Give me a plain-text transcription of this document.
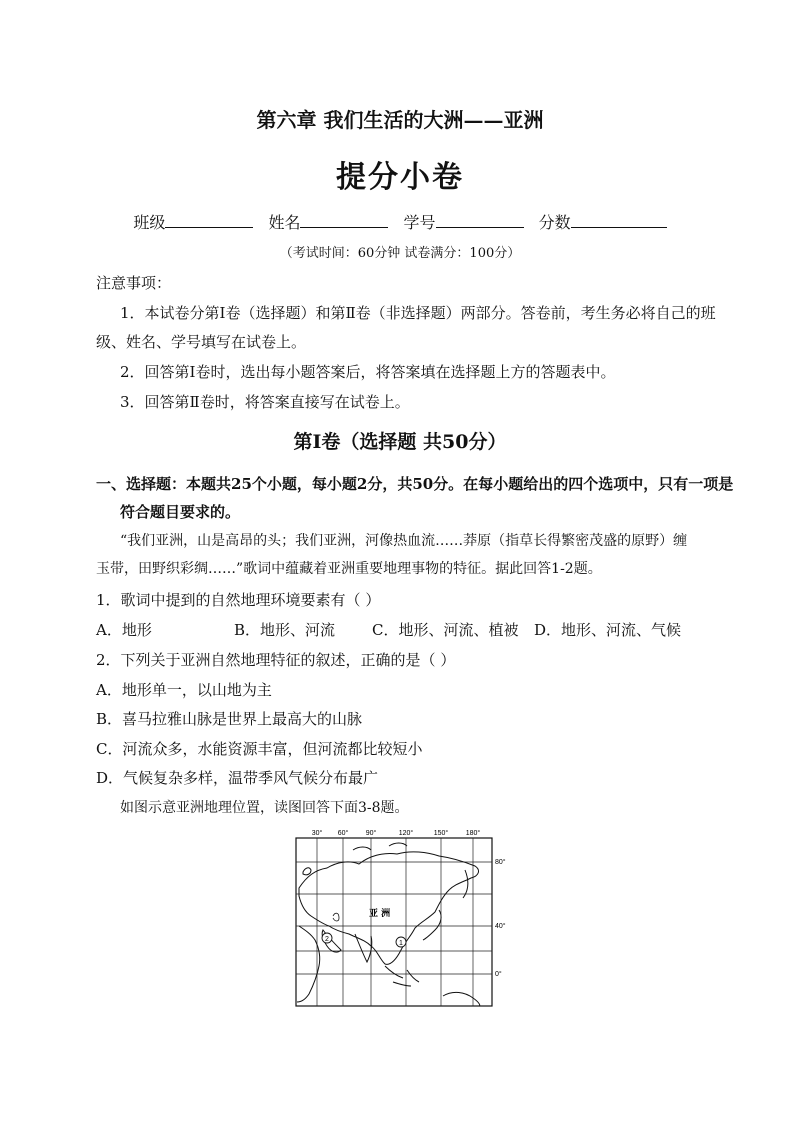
第六章 我们生活的大洲——亚洲
提分小卷
班级	姓名	学号	分数
（考试时间：60分钟 试卷满分：100分）
注意事项：
1．本试卷分第Ⅰ卷（选择题）和第Ⅱ卷（非选择题）两部分。答卷前，考生务必将自己的班
级、姓名、学号填写在试卷上。
2．回答第Ⅰ卷时，选出每小题答案后，将答案填在选择题上方的答题表中。
3．回答第Ⅱ卷时，将答案直接写在试卷上。
第Ⅰ卷（选择题 共50分）
一、选择题：本题共25个小题，每小题2分，共50分。在每小题给出的四个选项中，只有一项是
符合题目要求的。
“我们亚洲，山是高昂的头；我们亚洲，河像热血流……莽原（指草长得繁密茂盛的原野）缠
玉带，田野织彩绸……”歌词中蕴藏着亚洲重要地理事物的特征。据此回答1-2题。
1．歌词中提到的自然地理环境要素有（ ）
A．地形	B．地形、河流 C．地形、河流、植被 D．地形、河流、气候
2．下列关于亚洲自然地理特征的叙述，正确的是（ ）
A．地形单一，以山地为主
B．喜马拉雅山脉是世界上最高大的山脉
C．河流众多，水能资源丰富，但河流都比较短小
D．气候复杂多样，温带季风气候分布最广
如图示意亚洲地理位置，读图回答下面3-8题。
30° 60° 90°	120°	150°	180°
80°
40°
0°
亚 洲
2
1
